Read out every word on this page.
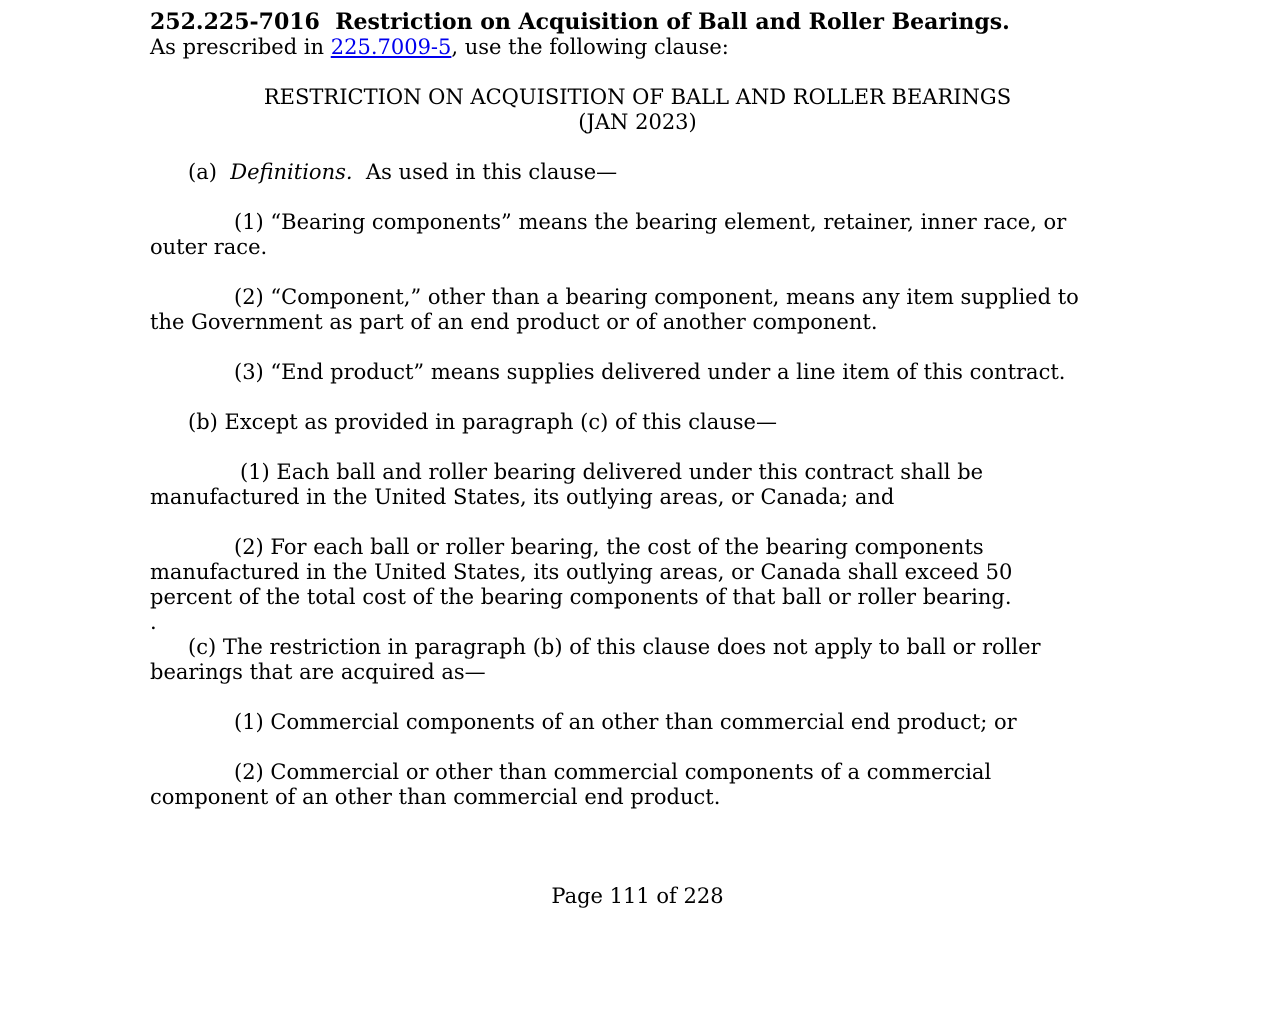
252.225-7016 Restriction on Acquisition of Ball and Roller Bearings.

As prescribed in 225.7009-5, use the following clause:

RESTRICTION ON ACQUISITION OF BALL AND ROLLER BEARINGS

(JAN 2023)

(a) Definitions. As used in this clause—

(1) “Bearing components” means the bearing element, retainer, inner race, or

outer race.

(2) “Component,” other than a bearing component, means any item supplied to

the Government as part of an end product or of another component.

(3) “End product” means supplies delivered under a line item of this contract.

(b) Except as provided in paragraph (c) of this clause—

(1) Each ball and roller bearing delivered under this contract shall be

manufactured in the United States, its outlying areas, or Canada; and

(2) For each ball or roller bearing, the cost of the bearing components

manufactured in the United States, its outlying areas, or Canada shall exceed 50

percent of the total cost of the bearing components of that ball or roller bearing.

.

(c) The restriction in paragraph (b) of this clause does not apply to ball or roller

bearings that are acquired as—

(1) Commercial components of an other than commercial end product; or

(2) Commercial or other than commercial components of a commercial

component of an other than commercial end product.

Page 111 of 228
